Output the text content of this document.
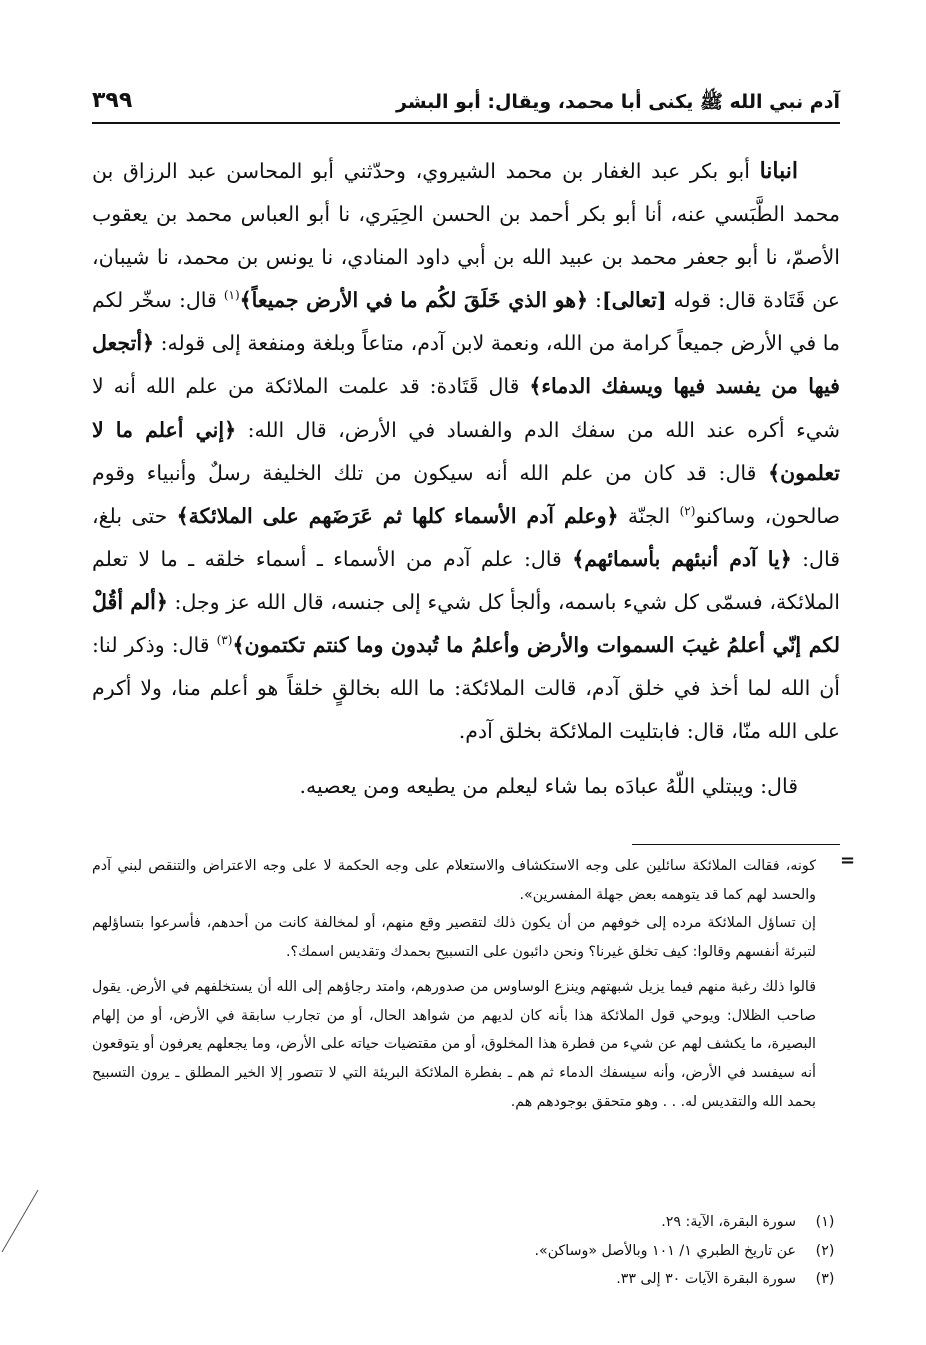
آدم نبي الله ﷺ يكنى أبا محمد، ويقال: أبو البشر
٣٩٩

انبانا أبو بكر عبد الغفار بن محمد الشيروي، وحدّثني أبو المحاسن عبد الرزاق بن محمد الطَّبَسي عنه، أنا أبو بكر أحمد بن الحسن الحِيَري، نا أبو العباس محمد بن يعقوب الأصمّ، نا أبو جعفر محمد بن عبيد الله بن أبي داود المنادي، نا يونس بن محمد، نا شيبان، عن قَتَادة قال: قوله [تعالى]: ﴿هو الذي خَلَقَ لكُم ما في الأرض جميعاً﴾$^{(١)}$ قال: سخّر لكم ما في الأرض جميعاً كرامة من الله، ونعمة لابن آدم، متاعاً وبلغة ومنفعة إلى قوله: ﴿أتجعل فيها من يفسد فيها ويسفك الدماء﴾ قال قَتَادة: قد علمت الملائكة من علم الله أنه لا شيء أكره عند الله من سفك الدم والفساد في الأرض، قال الله: ﴿إني أعلم ما لا تعلمون﴾ قال: قد كان من علم الله أنه سيكون من تلك الخليفة رسلٌ وأنبياء وقوم صالحون، وساكنو$^{(٢)}$ الجنّة ﴿وعلم آدم الأسماء كلها ثم عَرَضَهم على الملائكة﴾ حتى بلغ، قال: ﴿يا آدم أنبئهم بأسمائهم﴾ قال: علم آدم من الأسماء ـ أسماء خلقه ـ ما لا تعلم الملائكة، فسمّى كل شيء باسمه، وألجأ كل شيء إلى جنسه، قال الله عز وجل: ﴿ألم أقُلْ لكم إنّي أعلمُ غيبَ السموات والأرض وأعلمُ ما تُبدون وما كنتم تكتمون﴾$^{(٣)}$ قال: وذكر لنا: أن الله لما أخذ في خلق آدم، قالت الملائكة: ما الله بخالقٍ خلقاً هو أعلم منا، ولا أكرم على الله منّا، قال: فابتليت الملائكة بخلق آدم.

قال: ويبتلي اللّهُ عبادَه بما شاء ليعلم من يطيعه ومن يعصيه.

=

كونه، فقالت الملائكة سائلين على وجه الاستكشاف والاستعلام على وجه الحكمة لا على وجه الاعتراض والتنقص لبني آدم والحسد لهم كما قد يتوهمه بعض جهلة المفسرين».

إن تساؤل الملائكة مرده إلى خوفهم من أن يكون ذلك لتقصير وقع منهم، أو لمخالفة كانت من أحدهم، فأسرعوا بتساؤلهم لتبرئة أنفسهم وقالوا: كيف تخلق غيرنا؟ ونحن دائبون على التسبيح بحمدك وتقديس اسمك؟.

قالوا ذلك رغبة منهم فيما يزيل شبهتهم وينزع الوساوس من صدورهم، وامتد رجاؤهم إلى الله أن يستخلفهم في الأرض. يقول صاحب الظلال: ويوحي قول الملائكة هذا بأنه كان لديهم من شواهد الحال، أو من تجارب سابقة في الأرض، أو من إلهام البصيرة، ما يكشف لهم عن شيء من فطرة هذا المخلوق، أو من مقتضيات حياته على الأرض، وما يجعلهم يعرفون أو يتوقعون أنه سيفسد في الأرض، وأنه سيسفك الدماء ثم هم ـ بفطرة الملائكة البريئة التي لا تتصور إلا الخير المطلق ـ يرون التسبيح بحمد الله والتقديس له. . . وهو متحقق بوجودهم هم.

(١)
سورة البقرة، الآية: ٢٩.
(٢)
عن تاريخ الطبري ١/ ١٠١ وبالأصل «وساكن».
(٣)
سورة البقرة الآيات ٣٠ إلى ٣٣.
